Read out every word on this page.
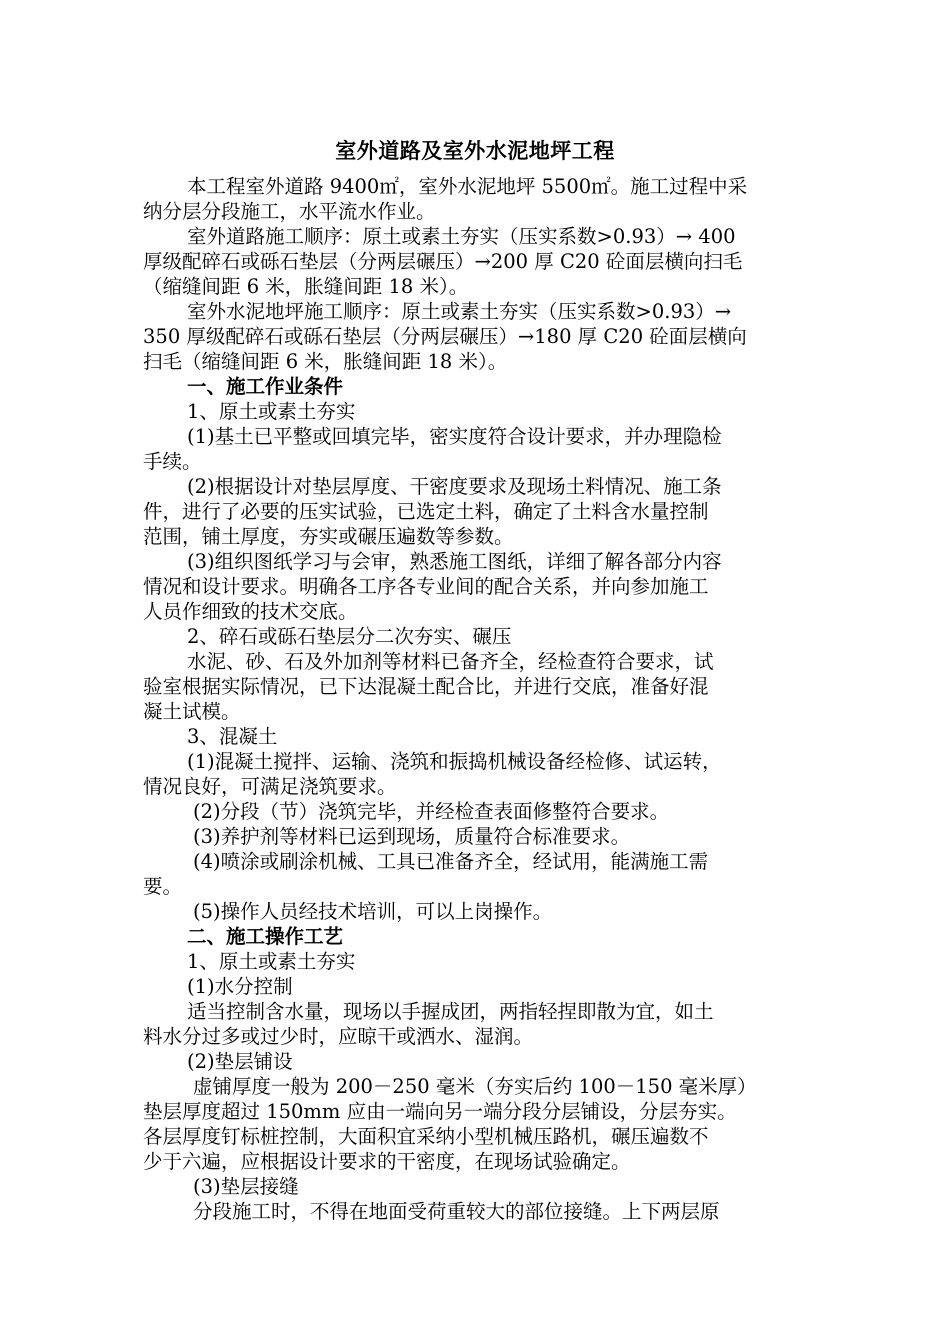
室外道路及室外水泥地坪工程
本工程室外道路 9400㎡，室外水泥地坪 5500㎡。施工过程中采
纳分层分段施工，水平流水作业。
室外道路施工顺序：原土或素土夯实（压实系数>0.93）→ 400
厚级配碎石或砾石垫层（分两层碾压）→200 厚 C20 砼面层横向扫毛
（缩缝间距 6 米，胀缝间距 18 米）。
室外水泥地坪施工顺序：原土或素土夯实（压实系数>0.93）→
350 厚级配碎石或砾石垫层（分两层碾压）→180 厚 C20 砼面层横向
扫毛（缩缝间距 6 米，胀缝间距 18 米）。
一、施工作业条件
1、原土或素土夯实
(1)基土已平整或回填完毕，密实度符合设计要求，并办理隐检
手续。
(2)根据设计对垫层厚度、干密度要求及现场土料情况、施工条
件，进行了必要的压实试验，已选定土料，确定了土料含水量控制
范围，铺土厚度，夯实或碾压遍数等参数。
(3)组织图纸学习与会审，熟悉施工图纸，详细了解各部分内容
情况和设计要求。明确各工序各专业间的配合关系，并向参加施工
人员作细致的技术交底。
2、碎石或砾石垫层分二次夯实、碾压
水泥、砂、石及外加剂等材料已备齐全，经检查符合要求，试
验室根据实际情况，已下达混凝土配合比，并进行交底，准备好混
凝土试模。
3、混凝土
(1)混凝土搅拌、运输、浇筑和振捣机械设备经检修、试运转，
情况良好，可满足浇筑要求。
(2)分段（节）浇筑完毕，并经检查表面修整符合要求。
(3)养护剂等材料已运到现场，质量符合标准要求。
(4)喷涂或刷涂机械、工具已准备齐全，经试用，能满施工需
要。
(5)操作人员经技术培训，可以上岗操作。
二、施工操作工艺
1、原土或素土夯实
(1)水分控制
适当控制含水量，现场以手握成团，两指轻捏即散为宜，如土
料水分过多或过少时，应晾干或洒水、湿润。
(2)垫层铺设
虚铺厚度一般为 200－250 毫米（夯实后约 100－150 毫米厚）
垫层厚度超过 150mm 应由一端向另一端分段分层铺设，分层夯实。
各层厚度钉标桩控制，大面积宜采纳小型机械压路机，碾压遍数不
少于六遍，应根据设计要求的干密度，在现场试验确定。
(3)垫层接缝
分段施工时，不得在地面受荷重较大的部位接缝。上下两层原
